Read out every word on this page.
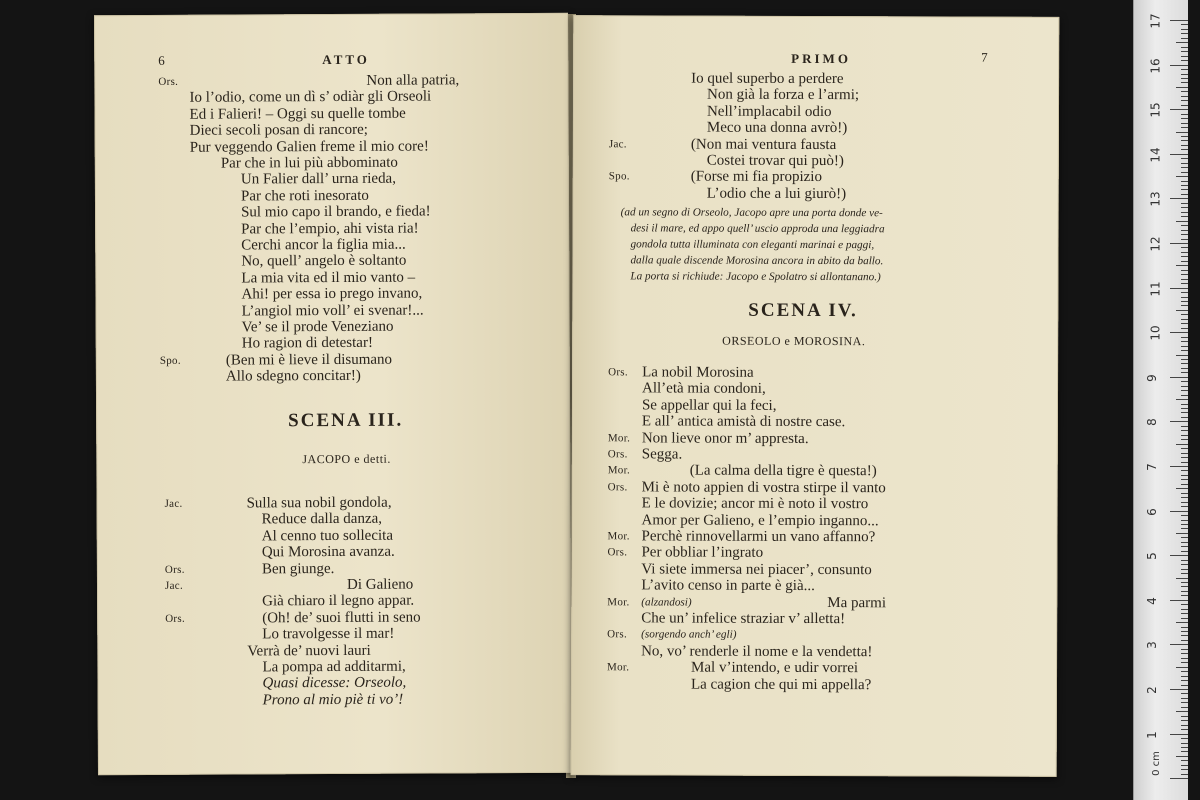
6	ATTO
Ors.	Non alla patria,
Io l’odio, come un dì s’ odiàr gli Orseoli
Ed i Falieri! – Oggi su quelle tombe
Dieci secoli posan di rancore;
Pur veggendo Galien freme il mio core!
Par che in lui più abbominato
Un Falier dall’ urna rieda,
Par che roti inesorato
Sul mio capo il brando, e fieda!
Par che l’empio, ahi vista ria!
Cerchi ancor la figlia mia...
No, quell’ angelo è soltanto
La mia vita ed il mio vanto –
Ahi! per essa io prego invano,
L’angiol mio voll’ ei svenar!...
Ve’ se il prode Veneziano
Ho ragion di detestar!
Spo.	(Ben mi è lieve il disumano
Allo sdegno concitar!)
SCENA III.
JACOPO e detti.
Jac.	Sulla sua nobil gondola,
Reduce dalla danza,
Al cenno tuo sollecita
Qui Morosina avanza.
Ors.	Ben giunge.
Jac.	Di Galieno
Già chiaro il legno appar.
Ors.	(Oh! de’ suoi flutti in seno
Lo travolgesse il mar!
Verrà de’ nuovi lauri
La pompa ad additarmi,
Quasi dicesse: Orseolo,
Prono al mio piè ti vo’!
PRIMO	7
Io quel superbo a perdere
Non già la forza e l’armi;
Nell’implacabil odio
Meco una donna avrò!)
Jac.	(Non mai ventura fausta
Costei trovar qui può!)
Spo.	(Forse mi fia propizio
L’odio che a lui giurò!)
(ad un segno di Orseolo, Jacopo apre una porta donde ve-
desi il mare, ed appo quell’ uscio approda una leggiadra
gondola tutta illuminata con eleganti marinai e paggi,
dalla quale discende Morosina ancora in abito da ballo.
La porta si richiude: Jacopo e Spolatro si allontanano.)
SCENA IV.
ORSEOLO e MOROSINA.
Ors. La nobil Morosina
All’età mia condoni,
Se appellar qui la feci,
E all’ antica amistà di nostre case.
Mor. Non lieve onor m’ appresta.
Ors. Segga.
Mor.	(La calma della tigre è questa!)
Ors. Mi è noto appien di vostra stirpe il vanto
E le dovizie; ancor mi è noto il vostro
Amor per Galieno, e l’empio inganno...
Mor. Perchè rinnovellarmi un vano affanno?
Ors. Per obbliar l’ingrato
Vi siete immersa nei piacer’, consunto
L’avito censo in parte è già...
Mor. (alzandosi)	Ma parmi
Che un’ infelice straziar v’ alletta!
Ors. (sorgendo anch’ egli)
No, vo’ renderle il nome e la vendetta!
Mor.	Mal v’intendo, e udir vorrei
La cagion che qui mi appella?
0 cm
17
16
15
14
13
12
11
10
9
8
7
6
5
4
3
2
1
